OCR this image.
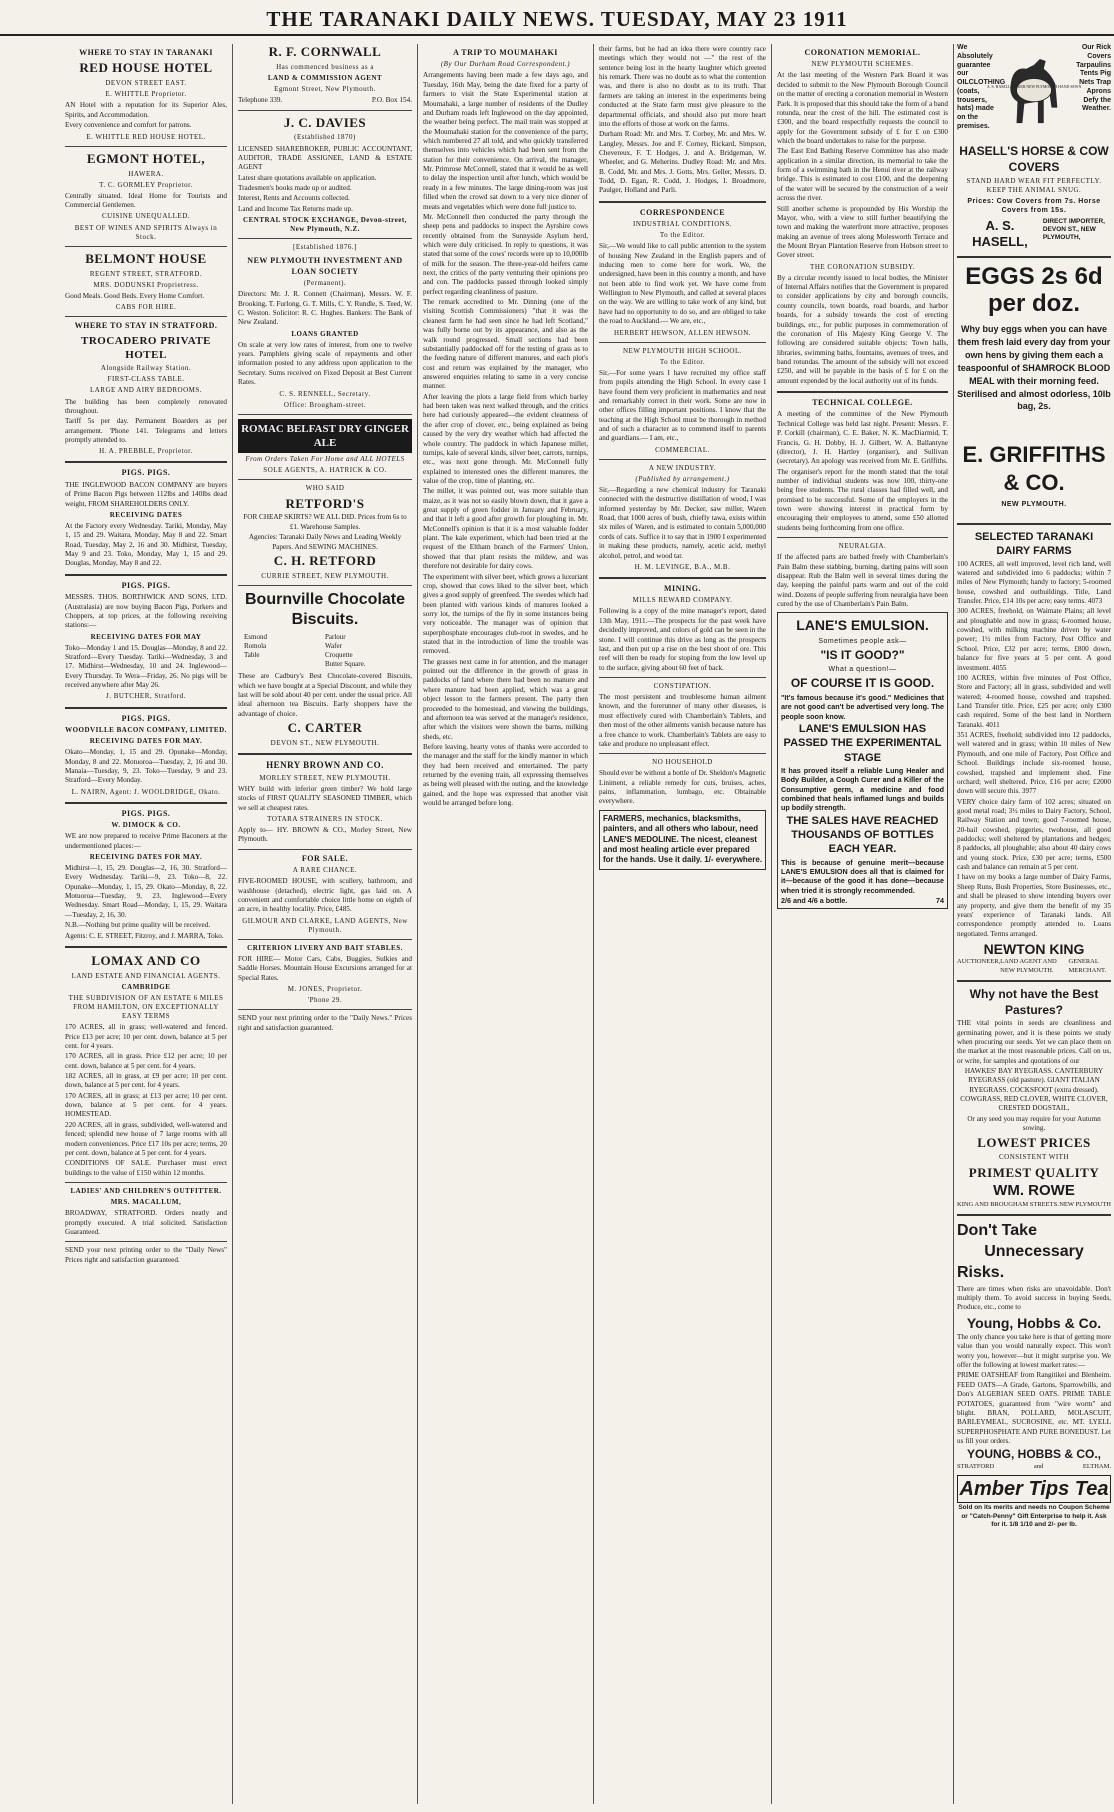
THE TARANAKI DAILY NEWS. TUESDAY, MAY 23 1911
WHERE TO STAY IN TARANAKI
RED HOUSE HOTEL
DEVON STREET EAST.
E. WHITTLE Proprietor.

AN Hotel with a reputation for its Superior Ales, Spirits, and Accommodation.

Every convenience and comfort for patrons.

E. WHITTLE RED HOUSE HOTEL.
EGMONT HOTEL,
HAWERA.
T. C. GORMLEY Proprietor.

Centrally situated. Ideal Home for Tourists and Commercial Gentlemen.

CUISINE UNEQUALLED.
BEST OF WINES AND SPIRITS Always in Stock.
BELMONT HOUSE
REGENT STREET, STRATFORD.
MRS. DODUNSKI Proprietress.

Good Meals. Good Beds. Every Home Comfort.

CABS FOR HIRE.
WHERE TO STAY IN STRATFORD.
TROCADERO PRIVATE HOTEL
Alongside Railway Station.
FIRST-CLASS TABLE.
LARGE AND AIRY BEDROOMS.

The building has been completely renovated throughout.

Tariff 5s per day. Permanent Boarders as per arrangement. 'Phone 141. Telegrams and letters promptly attended to.

H. A. PREBBLE, Proprietor.
PIGS. PIGS.

THE INGLEWOOD BACON COMPANY are buyers of Prime Bacon Pigs between 112lbs and 140lbs dead weight, FROM SHAREHOLDERS ONLY.

RECEIVING DATES

At the Factory every Wednesday. Tariki, Monday, May 1, 15 and 29. Waitara, Monday, May 8 and 22. Smart Road, Tuesday, May 2, 16 and 30. Midhirst, Tuesday, May 9 and 23. Toko, Monday, May 1, 15 and 29. Douglas, Monday, May 8 and 22.

PIGS. PIGS.

MESSRS. THOS. BORTHWICK AND SONS, LTD. (Australasia) are now buying Bacon Pigs, Porkers and Choppers, at top prices, at the following receiving stations:—

RECEIVING DATES FOR MAY

Toko—Monday 1 and 15. Douglas—Monday, 8 and 22. Stratford—Every Tuesday. Tariki—Wednesday, 3 and 17. Midhirst—Wednesday, 10 and 24. Inglewood—Every Thursday. Te Wera—Friday, 26. No pigs will be received anywhere after May 26.

J. BUTCHER, Stratford.
PIGS. PIGS.
WOODVILLE BACON COMPANY, LIMITED.
RECEIVING DATES FOR MAY.

Okato—Monday, 1, 15 and 29. Opunake—Monday, Monday, 8 and 22. Motuoroa—Tuesday, 2, 16 and 30. Manaia—Tuesday, 9, 23. Toko—Tuesday, 9 and 23. Stratford—Every Monday.

L. NAIRN, Agent: J. WOOLDRIDGE, Okato.
PIGS. PIGS.
W. DIMOCK & CO.

WE are now prepared to receive Prime Baconers at the undermentioned places:—

RECEIVING DATES FOR MAY.

Midhirst—1, 15, 29. Douglas—2, 16, 30. Stratford—Every Wednesday. Tariki—9, 23. Toko—8, 22. Opunake—Monday, 1, 15, 29. Okato—Monday, 8, 22. Motuoroa—Tuesday, 9, 23. Inglewood—Every Wednesday. Smart Road—Monday, 1, 15, 29. Waitara—Tuesday, 2, 16, 30.

N.B.—Nothing but prime quality will be received.

Agents: C. E. STREET, Fitzroy, and J. MARRA, Toko.

LOMAX AND CO
LAND ESTATE AND FINANCIAL AGENTS.
CAMBRIDGE
THE SUBDIVISION OF AN ESTATE 6 MILES FROM HAMILTON, ON EXCEPTIONALLY EASY TERMS

170 ACRES, all in grass; well-watered and fenced. Price £13 per acre; 10 per cent. down, balance at 5 per cent. for 4 years.

170 ACRES, all in grass. Price £12 per acre; 10 per cent. down, balance at 5 per cent. for 4 years.

182 ACRES, all in grass, at £9 per acre; 10 per cent. down, balance at 5 per cent. for 4 years.

170 ACRES, all in grass; at £13 per acre; 10 per cent. down, balance at 5 per cent. for 4 years. HOMESTEAD.

220 ACRES, all in grass, subdivided, well-watered and fenced; splendid new house of 7 large rooms with all modern conveniences. Price £17 10s per acre; terms, 20 per cent. down, balance at 5 per cent. for 4 years.

CONDITIONS OF SALE. Purchaser must erect buildings to the value of £150 within 12 months.

LADIES' AND CHILDREN'S OUTFITTER.
MRS. MACALLUM,

BROADWAY, STRATFORD. Orders neatly and promptly executed. A trial solicited. Satisfaction Guaranteed.

SEND your next printing order to the "Daily News" Prices right and satisfaction guaranteed.

R. F. CORNWALL
Has commenced business as a
LAND & COMMISSION AGENT
Egmont Street, New Plymouth.
Telephone 339.	P.O. Box 154.
J. C. DAVIES
(Established 1870)

LICENSED SHAREBROKER, PUBLIC ACCOUNTANT, AUDITOR, TRADE ASSIGNEE, LAND & ESTATE AGENT

Latest share quotations available on application.

Tradesmen's books made up or audited.

Interest, Rents and Accounts collected.

Land and Income Tax Returns made up.

CENTRAL STOCK EXCHANGE, Devon-street, New Plymouth, N.Z.
[Established 1876.]
NEW PLYMOUTH INVESTMENT AND LOAN SOCIETY
(Permanent).

Directors: Mr. J. R. Connett (Chairman), Messrs. W. F. Brooking, T. Furlong, G. T. Mills, C. Y. Rundle, S. Teed, W. C. Weston. Solicitor: R. C. Hughes. Bankers: The Bank of New Zealand.

LOANS GRANTED

On scale at very low rates of interest, from one to twelve years. Pamphlets giving scale of repayments and other information posted to any address upon application to the Secretary. Sums received on Fixed Deposit at Best Current Rates.

C. S. RENNELL, Secretary.
Office: Brougham-street.
ROMAC BELFAST DRY GINGER ALE
From Orders Taken For Home and ALL HOTELS
SOLE AGENTS, A. HATRICK & CO.
WHO SAID
RETFORD'S

FOR CHEAP SKIRTS? WE ALL DID. Prices from 6s to £1. Warehouse Samples.

Agencies: Taranaki Daily News and Leading Weekly Papers. And SEWING MACHINES.

C. H. RETFORD
CURRIE STREET, NEW PLYMOUTH.
Bournville Chocolate Biscuits.
Esmond	Parlour
Romola	Wafer
Table	Croquette
Butter Square.

These are Cadbury's Best Chocolate-covered Biscuits, which we have bought at a Special Discount, and while they last will be sold about 40 per cent. under the usual price. All ideal afternoon tea Biscuits. Early shoppers have the advantage of choice.

C. CARTER
DEVON ST., NEW PLYMOUTH.
HENRY BROWN AND CO.
MORLEY STREET, NEW PLYMOUTH.

WHY build with inferior green timber? We hold large stocks of FIRST QUALITY SEASONED TIMBER, which we sell at cheapest rates.

TOTARA STRAINERS IN STOCK.

Apply to— HY. BROWN & CO., Morley Street, New Plymouth.

FOR SALE.
A RARE CHANCE.

FIVE-ROOMED HOUSE, with scullery, bathroom, and washhouse (detached), electric light, gas laid on. A convenient and comfortable choice little home on eighth of an acre, in healthy locality. Price, £485.

GILMOUR AND CLARKE, LAND AGENTS, New Plymouth.
CRITERION LIVERY AND BAIT STABLES.

FOR HIRE— Motor Cars, Cabs, Buggies, Sulkies and Saddle Horses. Mountain House Excursions arranged for at Special Rates.

M. JONES, Proprietor.
'Phone 29.

SEND your next printing order to the "Daily News." Prices right and satisfaction guaranteed.

A TRIP TO MOUMAHAKI
(By Our Durham Road Correspondent.)

Arrangements having been made a few days ago, and Tuesday, 16th May, being the date fixed for a party of farmers to visit the State Experimental station at Moumahaki, a large number of residents of the Dudley and Durham roads left Inglewood on the day appointed, the weather being perfect. The mail train was stopped at the Moumahaki station for the convenience of the party, which numbered 27 all told, and who quickly transferred themselves into vehicles which had been sent from the station for their convenience. On arrival, the manager, Mr. Primrose McConnell, stated that it would be as well to delay the inspection until after lunch, which would be ready in a few minutes. The large dining-room was just filled when the crowd sat down to a very nice dinner of meats and vegetables which were done full justice to.

Mr. McConnell then conducted the party through the sheep pens and paddocks to inspect the Ayrshire cows recently obtained from the Sunnyside Asylum herd, which were duly criticised. In reply to questions, it was stated that some of the cows' records were up to 10,000lb of milk for the season. The three-year-old heifers came next, the critics of the party venturing their opinions pro and con. The paddocks passed through looked simply perfect regarding cleanliness of pasture.

The remark accredited to Mr. Dinning (one of the visiting Scottish Commissioners) "that it was the cleanest farm he had seen since he had left Scotland," was fully borne out by its appearance, and also as the walk round progressed. Small sections had been substantially paddocked off for the testing of grass as to the feeding nature of different manures, and each plot's cost and return was explained by the manager, who answered enquiries relating to same in a very concise manner.

After leaving the plots a large field from which barley had been taken was next walked through, and the critics here had curiously appeared—the evident cleanness of the after crop of clover, etc., being explained as being caused by the very dry weather which had affected the whole country. The paddock in which Japanese millet, turnips, kale of several kinds, silver beet, carrots, turnips, etc., was next gone through. Mr. McConnell fully explained to interested ones the different manures, the value of the crop, time of planting, etc.

The millet, it was pointed out, was more suitable than maize, as it was not so easily blown down, that it gave a great supply of green fodder in January and February, and that it left a good after growth for ploughing in. Mr. McConnell's opinion is that it is a most valuable fodder plant. The kale experiment, which had been tried at the request of the Eltham branch of the Farmers' Union, showed that that plant resists the mildew, and was therefore not desirable for dairy cows.

The experiment with silver beet, which grows a luxuriant crop, showed that cows liked to the silver beet, which gives a good supply of greenfeed. The swedes which had been planted with various kinds of manures looked a sorry lot, the turnips of the fly in some instances being very noticeable. The manager was of opinion that superphosphate encourages club-root in swedes, and he stated that in the introduction of lime the trouble was removed.

The grasses next came in for attention, and the manager pointed out the difference in the growth of grass in paddocks of land where there had been no manure and where manure had been applied, which was a great object lesson to the farmers present. The party then proceeded to the homestead, and viewing the buildings, and afternoon tea was served at the manager's residence, after which the visitors were shown the barns, milking sheds, etc.

Before leaving, hearty votes of thanks were accorded to the manager and the staff for the kindly manner in which they had been received and entertained. The party returned by the evening train, all expressing themselves as being well pleased with the outing, and the knowledge gained, and the hope was expressed that another visit would be arranged before long.

their farms, but he had an idea there were country race meetings which they would not —" the rest of the sentence being lost in the hearty laughter which greeted his remark. There was no doubt as to what the contention was, and there is also no doubt as to its truth. That farmers are taking an interest in the experiments being conducted at the State farm must give pleasure to the departmental officials, and should also put more heart into the efforts of those at work on the farms.

Durham Road: Mr. and Mrs. T. Corbey, Mr. and Mrs. W. Langley, Messrs. Joe and F. Corney, Rickard, Simpson, Chevereux, F. T. Hodges, J. and A. Bridgeman, W. Wheeler, and G. Meherins. Dudley Road: Mr. and Mrs. B. Codd, Mr. and Mrs. J. Gotts, Mrs. Geller, Messrs. D. Todd, D. Egan, R. Codd, J. Hodges, I. Broadmore, Paulger, Holland and Parli.

CORRESPONDENCE
INDUSTRIAL CONDITIONS.
To the Editor.

Sir,—We would like to call public attention to the system of housing New Zealand in the English papers and of inducing men to come here for work. We, the undersigned, have been in this country a month, and have not been able to find work yet. We have come from Wellington to New Plymouth, and called at several places on the way. We are willing to take work of any kind, but have had no opportunity to do so, and are obliged to take the road to Auckland.— We are, etc.,

HERBERT HEWSON, ALLEN HEWSON.
NEW PLYMOUTH HIGH SCHOOL.
To the Editor.

Sir,—For some years I have recruited my office staff from pupils attending the High School. In every case I have found them very proficient in mathematics and neat and remarkably correct in their work. Some are now in other offices filling important positions. I know that the teaching at the High School must be thorough in method and of such a character as to commend itself to parents and guardians.— I am, etc.,

COMMERCIAL.
A NEW INDUSTRY.
(Published by arrangement.)

Sir,—Regarding a new chemical industry for Taranaki connected with the destructive distillation of wood, I was informed yesterday by Mr. Decker, saw miller, Waren Road, that 1000 acres of bush, chiefly tawa, exists within six miles of Waren, and is estimated to contain 5,000,000 cords of cats. Suffice it to say that in 1900 I experimented in making these products, namely, acetic acid, methyl alcohol, petrol, and wood tar.

H. M. LEVINGE, B.A., M.B.
MINING.
MILLS REWARD COMPANY.

Following is a copy of the mine manager's report, dated 13th May, 1911.—The prospects for the past week have decidedly improved, and colors of gold can be seen in the stone. I will continue this drive as long as the prospects last, and then put up a rise on the best shoot of ore. This reef will then be ready for stoping from the low level up to the surface, giving about 60 feet of back.

CONSTIPATION.

The most persistent and troublesome human ailment known, and the forerunner of many other diseases, is most effectively cured with Chamberlain's Tablets, and then most of the other ailments vanish because nature has a free chance to work. Chamberlain's Tablets are easy to take and produce no unpleasant effect.

NO HOUSEHOLD

Should ever be without a bottle of Dr. Sheldon's Magnetic Liniment, a reliable remedy for cuts, bruises, aches, pains, inflammation, lumbago, etc. Obtainable everywhere.

FARMERS, mechanics, blacksmiths, painters, and all others who labour, need LANE'S MEDOLINE. The nicest, cleanest and most healing article ever prepared for the hands. Use it daily. 1/- everywhere.
CORONATION MEMORIAL.
NEW PLYMOUTH SCHEMES.

At the last meeting of the Western Park Board it was decided to submit to the New Plymouth Borough Council on the matter of erecting a coronation memorial in Western Park. It is proposed that this should take the form of a band rotunda, near the crest of the hill. The estimated cost is £300, and the board respectfully requests the council to apply for the Government subsidy of £ for £ on £300 which the board undertakes to raise for the purpose.

The East End Bathing Reserve Committee has also made application in a similar direction, its memorial to take the form of a swimming bath in the Henui river at the railway bridge. This is estimated to cost £100, and the deepening of the water will be secured by the construction of a weir across the river.

Still another scheme is propounded by His Worship the Mayor, who, with a view to still further beautifying the town and making the waterfront more attractive, proposes making an avenue of trees along Molesworth Terrace and the Mount Bryan Plantation Reserve from Hobson street to Gover street.

THE CORONATION SUBSIDY.

By a circular recently issued to local bodies, the Minister of Internal Affairs notifies that the Government is prepared to consider applications by city and borough councils, county councils, town boards, road boards, and harbor boards, for a subsidy towards the cost of erecting buildings, etc., for public purposes in commemoration of the coronation of His Majesty King George V. The following are considered suitable objects: Town halls, libraries, swimming baths, fountains, avenues of trees, and band rotundas. The amount of the subsidy will not exceed £250, and will be payable in the basis of £ for £ on the amount expended by the local authority out of its funds.

TECHNICAL COLLEGE.

A meeting of the committee of the New Plymouth Technical College was held last night. Present: Messrs. F. P. Corkill (chairman), C. E. Baker, N. K. MacDiarmid, T. Francis, G. H. Dobby, H. J. Gilbert, W. A. Ballantyne (director), J. H. Hartley (organiser), and Sullivan (secretary). An apology was received from Mr. E. Griffiths.

The organiser's report for the month stated that the total number of individual students was now 100, thirty-one being free students. The rural classes had filled well, and promised to be successful. Some of the employers in the town were showing interest in practical form by encouraging their employees to attend, some £50 allotted students being forthcoming from one office.

NEURALGIA.

If the affected parts are bathed freely with Chamberlain's Pain Balm these stabbing, burning, darting pains will soon disappear. Rub the Balm well in several times during the day, keeping the painful parts warm and out of the cold wind. Dozens of people suffering from neuralgia have been cured by the use of Chamberlain's Pain Balm.

LANE'S EMULSION.
Sometimes people ask—
"IS IT GOOD?"
What a question!—
OF COURSE IT IS GOOD.

"It's famous because it's good." Medicines that are not good can't be advertised very long. The people soon know.

LANE'S EMULSION HAS PASSED THE EXPERIMENTAL STAGE

It has proved itself a reliable Lung Healer and Body Builder, a Cough Curer and a Killer of the Consumptive germ, a medicine and food combined that heals inflamed lungs and builds up bodily strength.

THE SALES HAVE REACHED THOUSANDS OF BOTTLES EACH YEAR.

This is because of genuine merit—because LANE'S EMULSION does all that is claimed for it—because of the good it has done—because when tried it is strongly recommended.

2/6 and 4/6 a bottle.	74
We Absolutely guarantee our OILCLOTHING (coats, trousers, hats) made on the premises.
A. S. HASELL MAKER NEW PLYMOUTH HAND SEWN
Our Rick Covers Tarpaulins Tents Pig Nets Trap Aprons Defy the Weather.
HASELL'S HORSE & COW COVERS
STAND HARD WEAR FIT PERFECTLY. KEEP THE ANIMAL SNUG.
Prices: Cow Covers from 7s. Horse Covers from 15s.
A. S. HASELL,
DIRECT IMPORTER, DEVON ST., NEW PLYMOUTH,
EGGS 2s 6d per doz.

Why buy eggs when you can have them fresh laid every day from your own hens by giving them each a teaspoonful of SHAMROCK BLOOD MEAL with their morning feed.

Sterilised and almost odorless, 10lb bag, 2s.

E. GRIFFITHS & CO.
NEW PLYMOUTH.
SELECTED TARANAKI DAIRY FARMS

100 ACRES, all well improved, level rich land, well watered and subdivided into 6 paddocks; within 7 miles of New Plymouth; handy to factory; 5-roomed house, cowshed and outbuildings. Title, Land Transfer. Price, £14 10s per acre; easy terms. 4073

300 ACRES, freehold, on Waimate Plains; all level and ploughable and now in grass; 6-roomed house, cowshed, with milking machine driven by water power; 1½ miles from Factory, Post Office and School. Price, £32 per acre; terms, £800 down, balance for five years at 5 per cent. A good investment. 4055

100 ACRES, within five minutes of Post Office, Store and Factory; all in grass, subdivided and well watered; 4-roomed house, cowshed and trapshed. Land Transfer title. Price, £25 per acre; only £300 cash required. Some of the best land in Northern Taranaki. 4011

351 ACRES, freehold; subdivided into 12 paddocks, well watered and in grass; within 10 miles of New Plymouth, and one mile of Factory, Post Office and School. Buildings include six-roomed house, cowshed, trapshed and implement shed. Fine orchard; well sheltered. Price, £16 per acre; £2000 down will secure this. 3977

VERY choice dairy farm of 102 acres; situated on good metal road; 3½ miles to Dairy Factory, School, Railway Station and town; good 7-roomed house, 20-bail cowshed, piggeries, twohouse, all good paddocks; well sheltered by plantations and hedges; 8 paddocks, all ploughable; also about 40 dairy cows and young stock. Price, £30 per acre; terms, £500 cash and balance can remain at 5 per cent.

I have on my books a large number of Dairy Farms, Sheep Runs, Bush Properties, Store Businesses, etc., and shall be pleased to show intending buyers over any property, and give them the benefit of my 35 years' experience of Taranaki lands. All correspondence promptly attended to. Loans negotiated. Terms arranged.

NEWTON KING
AUCTIONEER, LAND AGENT AND NEW PLYMOUTH.
GENERAL MERCHANT.
Why not have the Best Pastures?

THE vital points in seeds are cleanliness and germinating power, and it is these points we study when procuring our seeds. Yet we can place them on the market at the most reasonable prices. Call on us, or write, for samples and quotations of our

HAWKES' BAY RYEGRASS. CANTERBURY RYEGRASS (old pasture). GIANT ITALIAN RYEGRASS. COCKSFOOT (extra dressed). COWGRASS, RED CLOVER, WHITE CLOVER, CRESTED DOGSTAIL,

Or any seed you may require for your Autumn sowing.

LOWEST PRICES
CONSISTENT WITH
PRIMEST QUALITY
WM. ROWE
KING AND BROUGHAM STREETS. NEW PLYMOUTH
Don't Take
Unnecessary
Risks.

There are times when risks are unavoidable. Don't multiply them. To avoid success in buying Seeds, Produce, etc., come to

Young, Hobbs & Co.

The only chance you take here is that of getting more value than you would naturally expect. This won't worry you, however—but it might surprise you. We offer the following at lowest market rates:—

PRIME OATSHEAF from Rangitikei and Blenheim. FEED OATS—A Grade, Gartons, Sparrowbills, and Don's ALGERIAN SEED OATS. PRIME TABLE POTATOES, guaranteed from "wire worm" and blight. BRAN, POLLARD, MOLASCUIT, BARLEYMEAL, SUCROSINE, etc. MT. LYELL SUPERPHOSPHATE AND PURE BONEDUST. Let us fill your orders.

YOUNG, HOBBS & CO.,
STRATFORD	and	ELTHAM.
Amber Tips Tea

Sold on its merits and needs no Coupon Scheme or "Catch-Penny" Gift Enterprise to help it. Ask for it. 1/8 1/10 and 2/- per lb.
